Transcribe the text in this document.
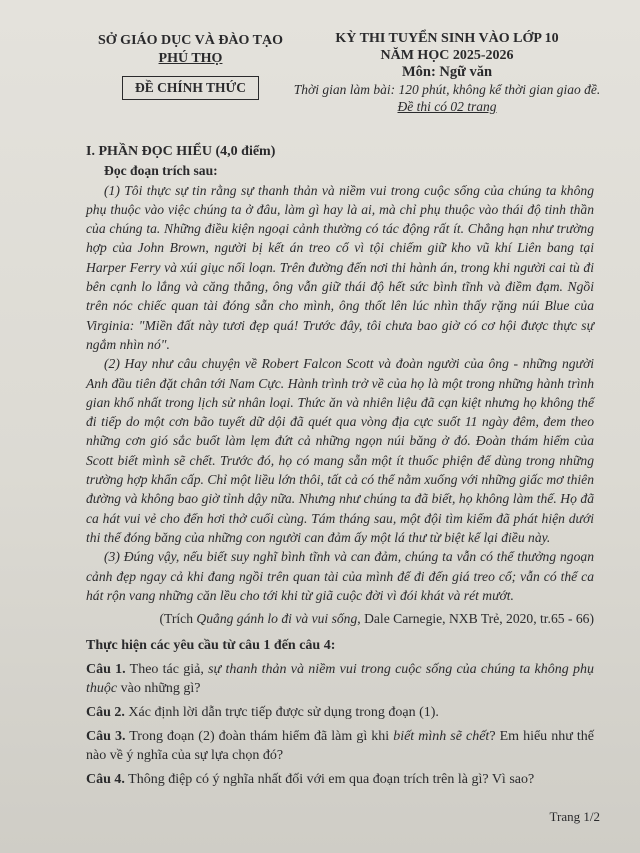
SỞ GIÁO DỤC VÀ ĐÀO TẠO
PHÚ THỌ
ĐỀ CHÍNH THỨC
KỲ THI TUYỂN SINH VÀO LỚP 10
NĂM HỌC 2025-2026
Môn: Ngữ văn
Thời gian làm bài: 120 phút, không kể thời gian giao đề.
Đề thi có 02 trang

I. PHẦN ĐỌC HIỂU (4,0 điểm)

Đọc đoạn trích sau:

(1) Tôi thực sự tin rằng sự thanh thản và niềm vui trong cuộc sống của chúng ta không phụ thuộc vào việc chúng ta ở đâu, làm gì hay là ai, mà chỉ phụ thuộc vào thái độ tinh thần của chúng ta. Những điều kiện ngoại cảnh thường có tác động rất ít. Chẳng hạn như trường hợp của John Brown, người bị kết án treo cổ vì tội chiếm giữ kho vũ khí Liên bang tại Harper Ferry và xúi giục nổi loạn. Trên đường đến nơi thi hành án, trong khi người cai tù đi bên cạnh lo lắng và căng thẳng, ông vẫn giữ thái độ hết sức bình tĩnh và điềm đạm. Ngồi trên nóc chiếc quan tài đóng sẵn cho mình, ông thốt lên lúc nhìn thấy rặng núi Blue của Virginia: "Miền đất này tươi đẹp quá! Trước đây, tôi chưa bao giờ có cơ hội được thực sự ngắm nhìn nó".

(2) Hay như câu chuyện về Robert Falcon Scott và đoàn người của ông - những người Anh đầu tiên đặt chân tới Nam Cực. Hành trình trở về của họ là một trong những hành trình gian khổ nhất trong lịch sử nhân loại. Thức ăn và nhiên liệu đã cạn kiệt nhưng họ không thể đi tiếp do một cơn bão tuyết dữ dội đã quét qua vòng địa cực suốt 11 ngày đêm, đem theo những cơn gió sắc buốt làm lẹm đứt cả những ngọn núi băng ở đó. Đoàn thám hiểm của Scott biết mình sẽ chết. Trước đó, họ có mang sẵn một ít thuốc phiện để dùng trong những trường hợp khẩn cấp. Chỉ một liều lớn thôi, tất cả có thể nằm xuống với những giấc mơ thiên đường và không bao giờ tỉnh dậy nữa. Nhưng như chúng ta đã biết, họ không làm thế. Họ đã ca hát vui vẻ cho đến hơi thở cuối cùng. Tám tháng sau, một đội tìm kiếm đã phát hiện dưới thi thể đóng băng của những con người can đảm ấy một lá thư từ biệt kể lại điều này.

(3) Đúng vậy, nếu biết suy nghĩ bình tĩnh và can đảm, chúng ta vẫn có thể thưởng ngoạn cảnh đẹp ngay cả khi đang ngồi trên quan tài của mình để đi đến giá treo cổ; vẫn có thể ca hát rộn vang những căn lều cho tới khi từ giã cuộc đời vì đói khát và rét mướt.

(Trích Quẳng gánh lo đi và vui sống, Dale Carnegie, NXB Trẻ, 2020, tr.65 - 66)

Thực hiện các yêu cầu từ câu 1 đến câu 4:

Câu 1. Theo tác giả, sự thanh thản và niềm vui trong cuộc sống của chúng ta không phụ thuộc vào những gì?

Câu 2. Xác định lời dẫn trực tiếp được sử dụng trong đoạn (1).

Câu 3. Trong đoạn (2) đoàn thám hiểm đã làm gì khi biết mình sẽ chết? Em hiểu như thế nào về ý nghĩa của sự lựa chọn đó?

Câu 4. Thông điệp có ý nghĩa nhất đối với em qua đoạn trích trên là gì? Vì sao?

Trang 1/2
